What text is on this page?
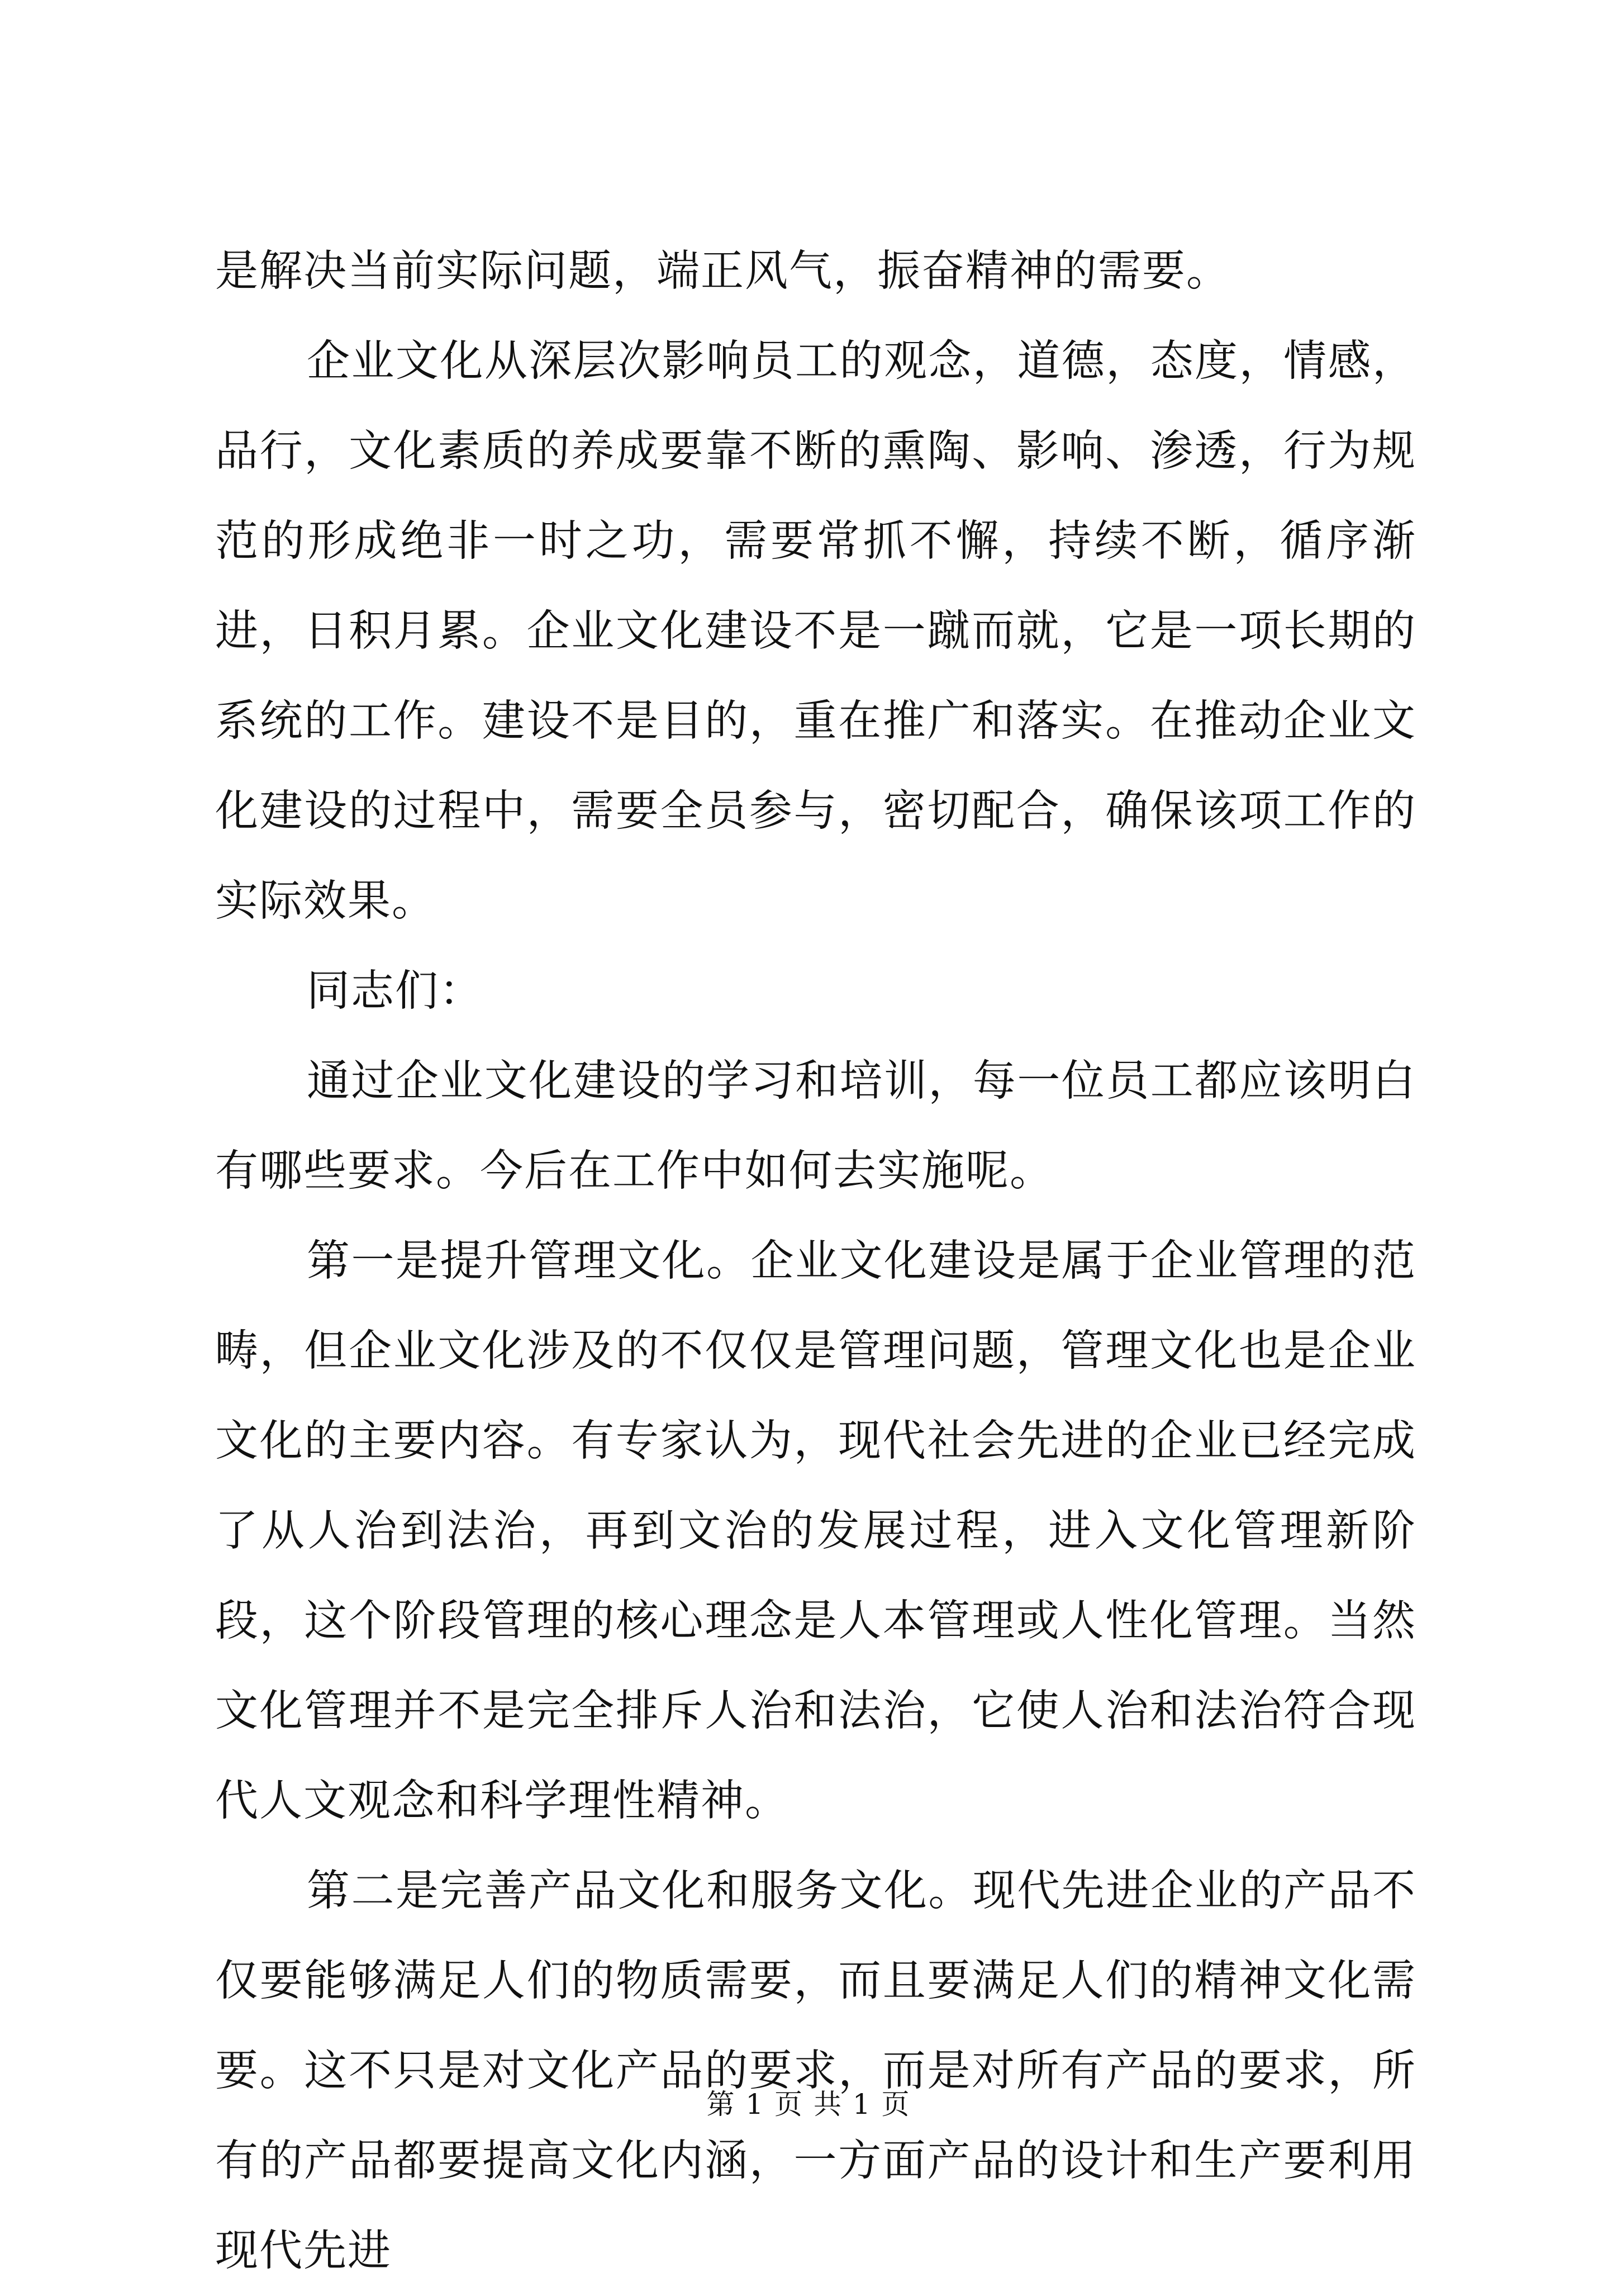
是解决当前实际问题，端正风气，振奋精神的需要。

企业文化从深层次影响员工的观念，道德，态度，情感，品行，文化素质的养成要靠不断的熏陶、影响、渗透，行为规范的形成绝非一时之功，需要常抓不懈，持续不断，循序渐进，日积月累。企业文化建设不是一蹴而就，它是一项长期的系统的工作。建设不是目的，重在推广和落实。在推动企业文化建设的过程中，需要全员参与，密切配合，确保该项工作的实际效果。

同志们：

通过企业文化建设的学习和培训，每一位员工都应该明白有哪些要求。今后在工作中如何去实施呢。

第一是提升管理文化。企业文化建设是属于企业管理的范畴，但企业文化涉及的不仅仅是管理问题，管理文化也是企业文化的主要内容。有专家认为，现代社会先进的企业已经完成了从人治到法治，再到文治的发展过程，进入文化管理新阶段，这个阶段管理的核心理念是人本管理或人性化管理。当然文化管理并不是完全排斥人治和法治，它使人治和法治符合现代人文观念和科学理性精神。

第二是完善产品文化和服务文化。现代先进企业的产品不仅要能够满足人们的物质需要，而且要满足人们的精神文化需要。这不只是对文化产品的要求，而是对所有产品的要求，所有的产品都要提高文化内涵，一方面产品的设计和生产要利用现代先进

第 1 页 共 1 页
